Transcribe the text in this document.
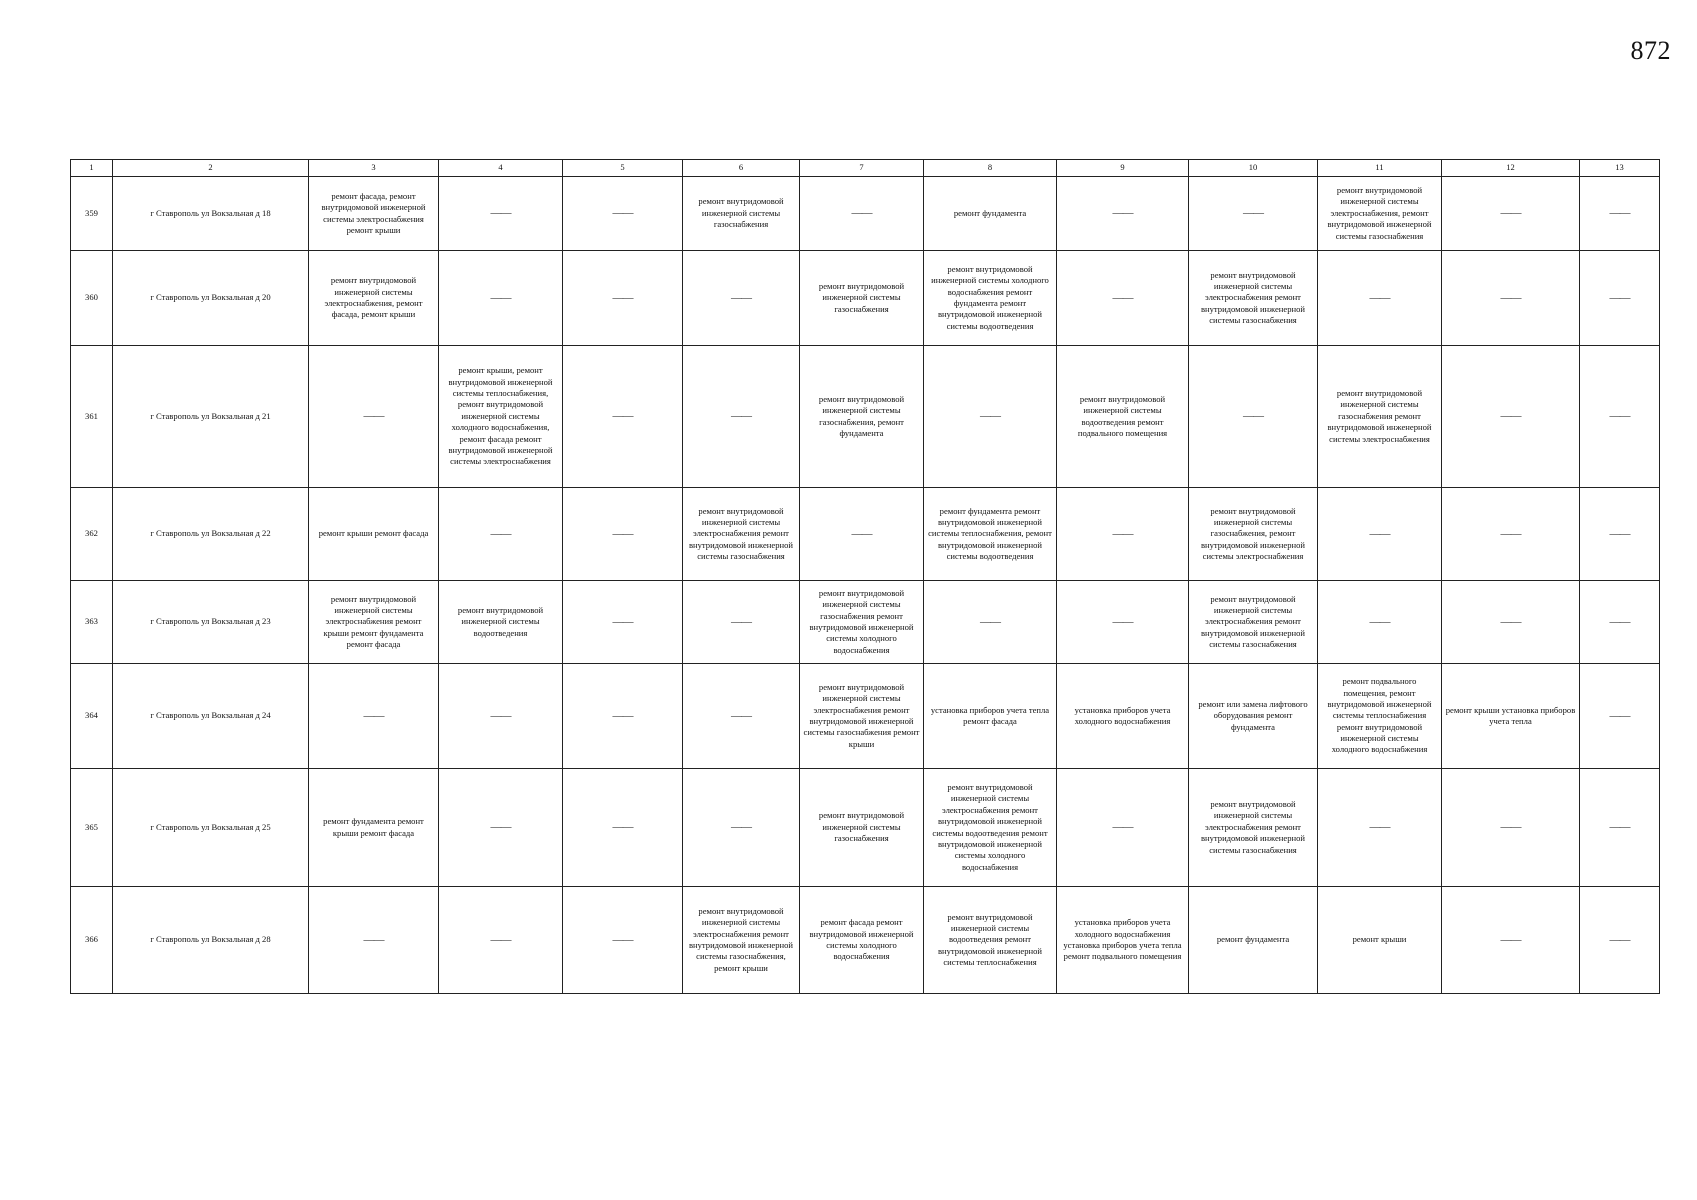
872
1	2	3	4	5	6	7	8	9	10	11	12	13
359	г Ставрополь ул Вокзальная д 18	ремонт фасада, ремонт внутридомовой инженерной системы электроснабжения ремонт крыши	——	——	ремонт внутридомовой инженерной системы газоснабжения	——	ремонт фундамента	——	——	ремонт внутридомовой инженерной системы электроснабжения, ремонт внутридомовой инженерной системы газоснабжения	——	——
360	г Ставрополь ул Вокзальная д 20	ремонт внутридомовой инженерной системы электроснабжения, ремонт фасада, ремонт крыши	——	——	——	ремонт внутридомовой инженерной системы газоснабжения	ремонт внутридомовой инженерной системы холодного водоснабжения ремонт фундамента ремонт внутридомовой инженерной системы водоотведения	——	ремонт внутридомовой инженерной системы электроснабжения ремонт внутридомовой инженерной системы газоснабжения	——	——	——
361	г Ставрополь ул Вокзальная д 21	——	ремонт крыши, ремонт внутридомовой инженерной системы теплоснабжения, ремонт внутридомовой инженерной системы холодного водоснабжения, ремонт фасада ремонт внутридомовой инженерной системы электроснабжения	——	——	ремонт внутридомовой инженерной системы газоснабжения, ремонт фундамента	——	ремонт внутридомовой инженерной системы водоотведения ремонт подвального помещения	——	ремонт внутридомовой инженерной системы газоснабжения ремонт внутридомовой инженерной системы электроснабжения	——	——
362	г Ставрополь ул Вокзальная д 22	ремонт крыши ремонт фасада	——	——	ремонт внутридомовой инженерной системы электроснабжения ремонт внутридомовой инженерной системы газоснабжения	——	ремонт фундамента ремонт внутридомовой инженерной системы теплоснабжения, ремонт внутридомовой инженерной системы водоотведения	——	ремонт внутридомовой инженерной системы газоснабжения, ремонт внутридомовой инженерной системы электроснабжения	——	——	——
363	г Ставрополь ул Вокзальная д 23	ремонт внутридомовой инженерной системы электроснабжения ремонт крыши ремонт фундамента ремонт фасада	ремонт внутридомовой инженерной системы водоотведения	——	——	ремонт внутридомовой инженерной системы газоснабжения ремонт внутридомовой инженерной системы холодного водоснабжения	——	——	ремонт внутридомовой инженерной системы электроснабжения ремонт внутридомовой инженерной системы газоснабжения	——	——	——
364	г Ставрополь ул Вокзальная д 24	——	——	——	——	ремонт внутридомовой инженерной системы электроснабжения ремонт внутридомовой инженерной системы газоснабжения ремонт крыши	установка приборов учета тепла ремонт фасада	установка приборов учета холодного водоснабжения	ремонт или замена лифтового оборудования ремонт фундамента	ремонт подвального помещения, ремонт внутридомовой инженерной системы теплоснабжения ремонт внутридомовой инженерной системы холодного водоснабжения	ремонт крыши установка приборов учета тепла	——
365	г Ставрополь ул Вокзальная д 25	ремонт фундамента ремонт крыши ремонт фасада	——	——	——	ремонт внутридомовой инженерной системы газоснабжения	ремонт внутридомовой инженерной системы электроснабжения ремонт внутридомовой инженерной системы водоотведения ремонт внутридомовой инженерной системы холодного водоснабжения	——	ремонт внутридомовой инженерной системы электроснабжения ремонт внутридомовой инженерной системы газоснабжения	——	——	——
366	г Ставрополь ул Вокзальная д 28	——	——	——	ремонт внутридомовой инженерной системы электроснабжения ремонт внутридомовой инженерной системы газоснабжения, ремонт крыши	ремонт фасада ремонт внутридомовой инженерной системы холодного водоснабжения	ремонт внутридомовой инженерной системы водоотведения ремонт внутридомовой инженерной системы теплоснабжения	установка приборов учета холодного водоснабжения установка приборов учета тепла ремонт подвального помещения	ремонт фундамента	ремонт крыши	——	——
